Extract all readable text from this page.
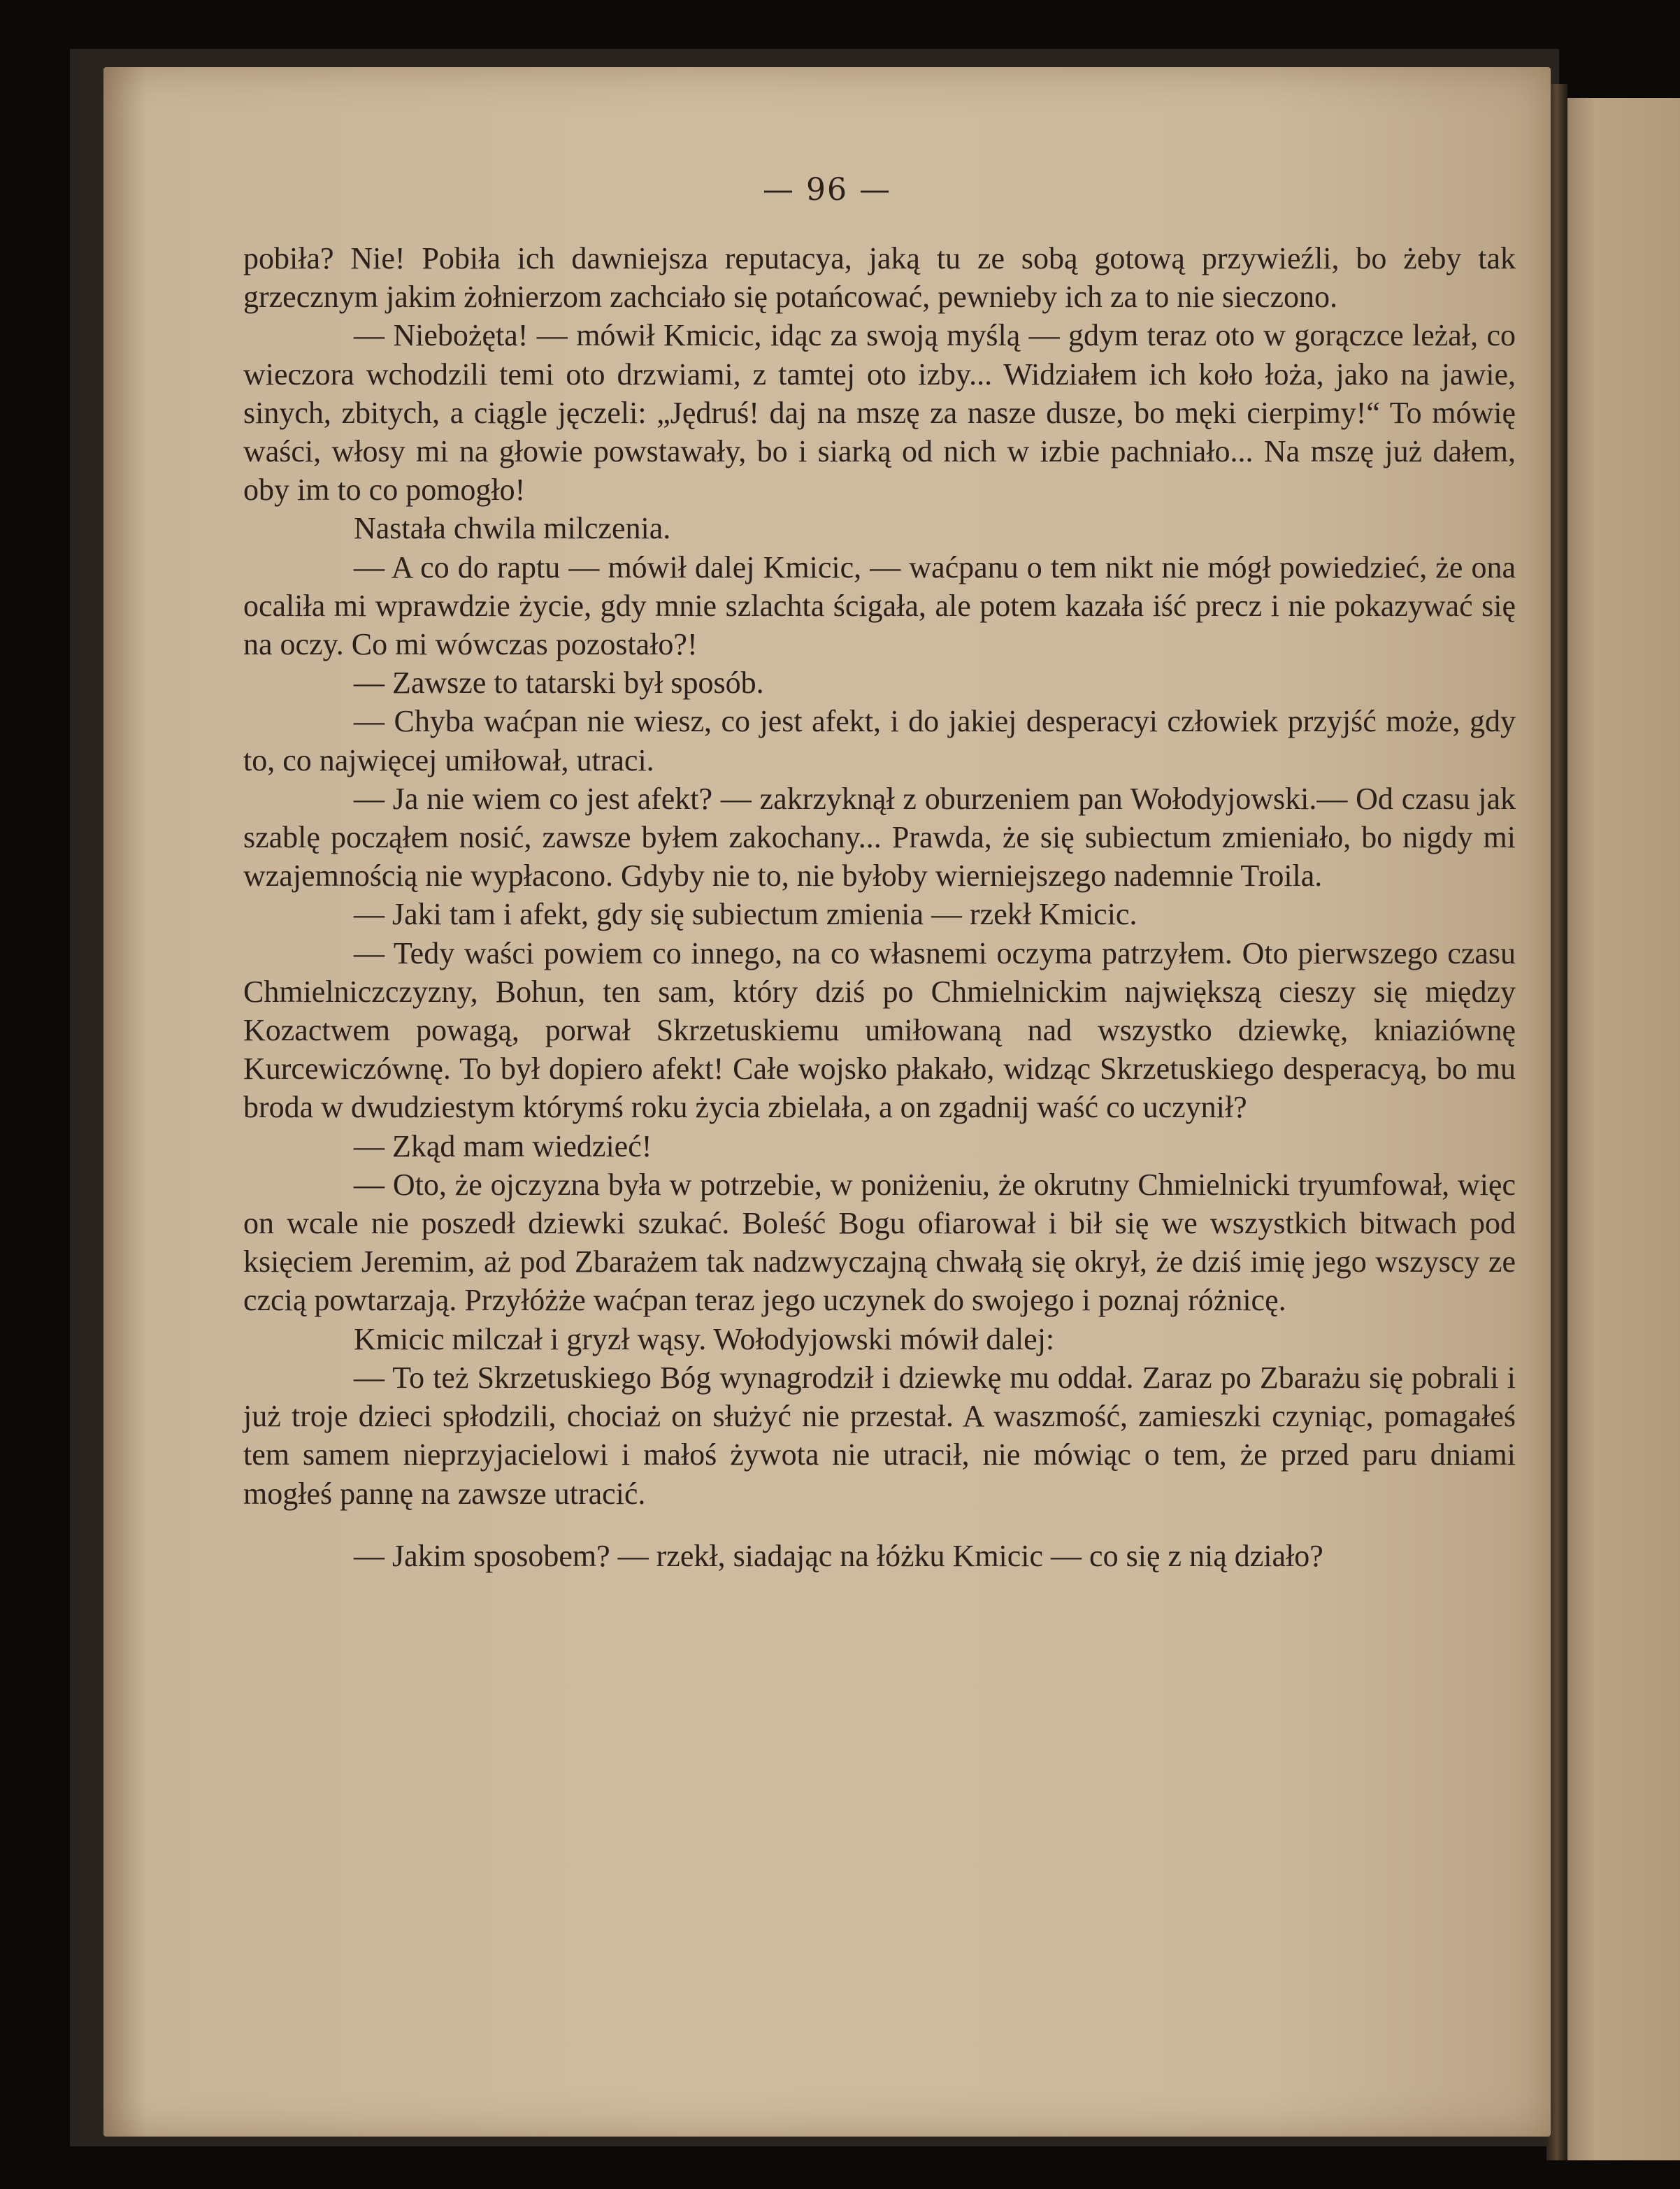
— 96 —

pobiła? Nie! Pobiła ich dawniejsza reputacya, jaką tu ze sobą gotową przywieźli, bo żeby tak grzecznym jakim żołnierzom zachciało się potańcować, pewnieby ich za to nie sieczono.

— Niebożęta! — mówił Kmicic, idąc za swoją myślą — gdym teraz oto w gorączce leżał, co wieczora wchodzili temi oto drzwiami, z tamtej oto izby... Widziałem ich koło łoża, jako na jawie, sinych, zbitych, a ciągle jęczeli: „Jędruś! daj na mszę za nasze dusze, bo męki cierpimy!“ To mówię waści, włosy mi na głowie powstawały, bo i siarką od nich w izbie pachniało... Na mszę już dałem, oby im to co pomogło!

Nastała chwila milczenia.

— A co do raptu — mówił dalej Kmicic, — waćpanu o tem nikt nie mógł powiedzieć, że ona ocaliła mi wprawdzie życie, gdy mnie szlachta ścigała, ale potem kazała iść precz i nie pokazywać się na oczy. Co mi wówczas pozostało?!

— Zawsze to tatarski był sposób.

— Chyba waćpan nie wiesz, co jest afekt, i do jakiej desperacyi człowiek przyjść może, gdy to, co najwięcej umiłował, utraci.

— Ja nie wiem co jest afekt? — zakrzyknął z oburzeniem pan Wołodyjowski.— Od czasu jak szablę począłem nosić, zawsze byłem zakochany... Prawda, że się subiectum zmieniało, bo nigdy mi wzajemnością nie wypłacono. Gdyby nie to, nie byłoby wierniejszego nademnie Troila.

— Jaki tam i afekt, gdy się subiectum zmienia — rzekł Kmicic.

— Tedy waści powiem co innego, na co własnemi oczyma patrzyłem. Oto pierwszego czasu Chmielniczczyzny, Bohun, ten sam, który dziś po Chmielnickim największą cieszy się między Kozactwem powagą, porwał Skrzetuskiemu umiłowaną nad wszystko dziewkę, kniaziównę Kurcewiczównę. To był dopiero afekt! Całe wojsko płakało, widząc Skrzetuskiego desperacyą, bo mu broda w dwudziestym którymś roku życia zbielała, a on zgadnij waść co uczynił?

— Zkąd mam wiedzieć!

— Oto, że ojczyzna była w potrzebie, w poniżeniu, że okrutny Chmielnicki tryumfował, więc on wcale nie poszedł dziewki szukać. Boleść Bogu ofiarował i bił się we wszystkich bitwach pod księciem Jeremim, aż pod Zbarażem tak nadzwyczajną chwałą się okrył, że dziś imię jego wszyscy ze czcią powtarzają. Przyłóżże waćpan teraz jego uczynek do swojego i poznaj różnicę.

Kmicic milczał i gryzł wąsy. Wołodyjowski mówił dalej:

— To też Skrzetuskiego Bóg wynagrodził i dziewkę mu oddał. Zaraz po Zbarażu się pobrali i już troje dzieci spłodzili, chociaż on służyć nie przestał. A waszmość, zamieszki czyniąc, pomagałeś tem samem nieprzyjacielowi i małoś żywota nie utracił, nie mówiąc o tem, że przed paru dniami mogłeś pannę na zawsze utracić.

— Jakim sposobem? — rzekł, siadając na łóżku Kmicic — co się z nią działo?
